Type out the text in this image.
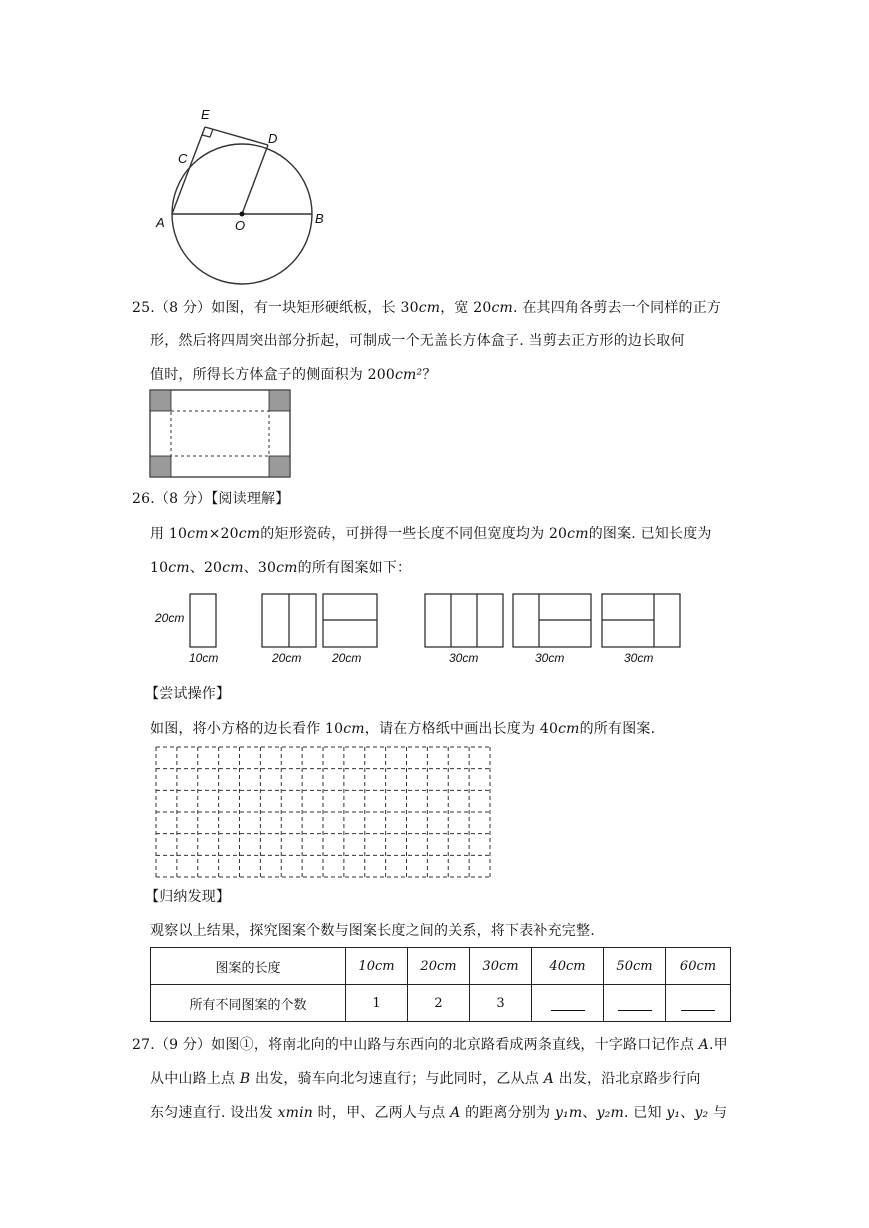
E
C
D
A	O	B
25.（8 分）如图，有一块矩形硬纸板，长 30cm，宽 20cm. 在其四角各剪去一个同样的正方
形，然后将四周突出部分折起，可制成一个无盖长方体盒子. 当剪去正方形的边长取何
值时，所得长方体盒子的侧面积为 200cm²？
26.（8 分）【阅读理解】
用 10cm×20cm的矩形瓷砖，可拼得一些长度不同但宽度均为 20cm的图案. 已知长度为
10cm、20cm、30cm的所有图案如下：
20cm
10cm	20cm	20cm	30cm	30cm	30cm
【尝试操作】
如图，将小方格的边长看作 10cm，请在方格纸中画出长度为 40cm的所有图案.
【归纳发现】
观察以上结果，探究图案个数与图案长度之间的关系，将下表补充完整.
图案的长度	10cm	20cm	30cm	40cm	50cm	60cm
所有不同图案的个数	1	2	3			
27.（9 分）如图①，将南北向的中山路与东西向的北京路看成两条直线，十字路口记作点 A.甲
从中山路上点 B 出发，骑车向北匀速直行；与此同时，乙从点 A 出发，沿北京路步行向
东匀速直行. 设出发 xmin 时，甲、乙两人与点 A 的距离分别为 y₁m、y₂m. 已知 y₁、y₂ 与
